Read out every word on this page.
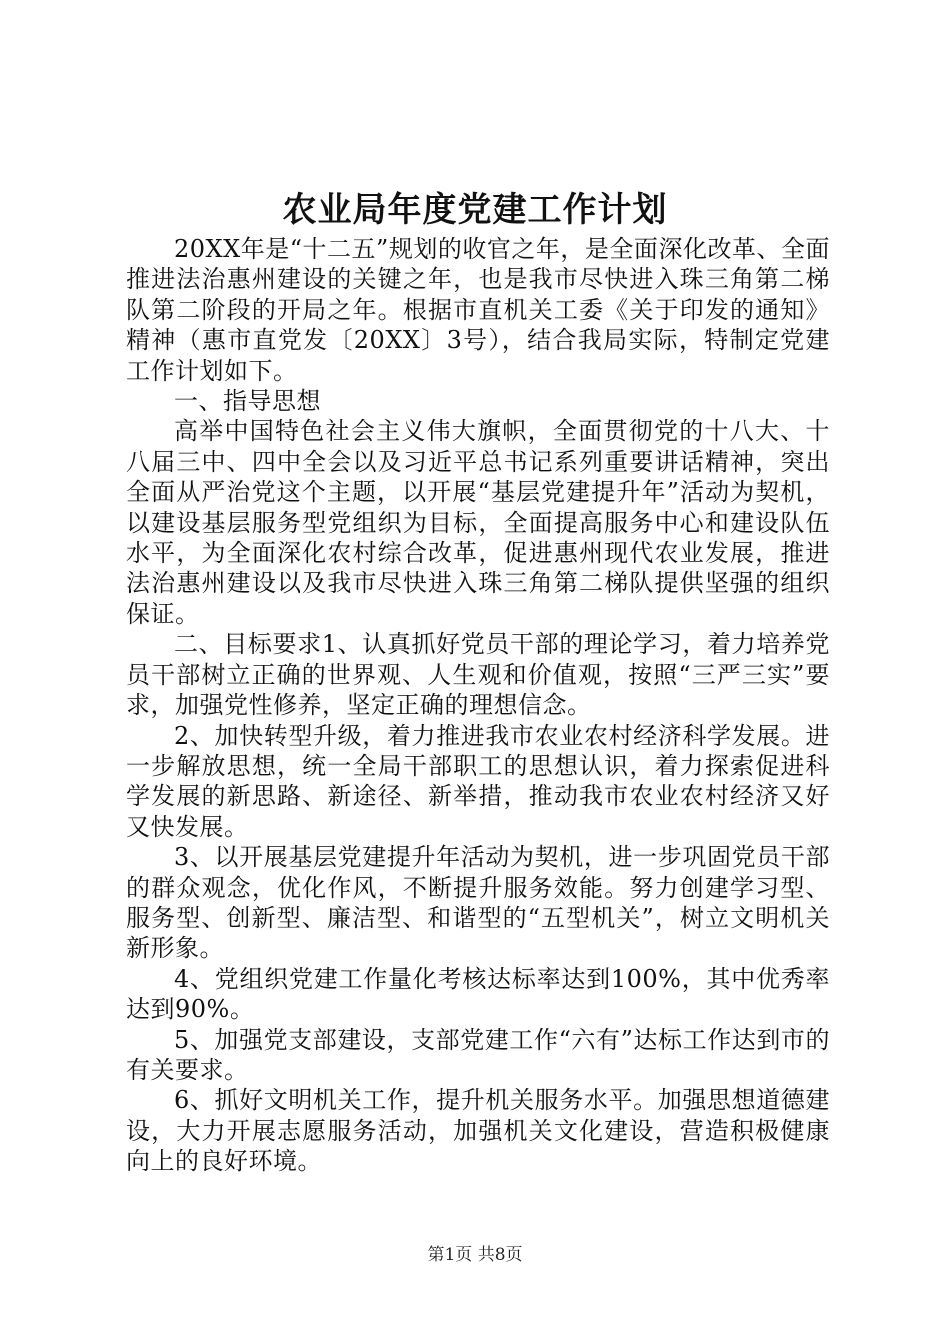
农业局年度党建工作计划

20XX年是“十二五”规划的收官之年，是全面深化改革、全面推进法治惠州建设的关键之年，也是我市尽快进入珠三角第二梯队第二阶段的开局之年。根据市直机关工委《关于印发的通知》精神（惠市直党发〔20XX〕3号），结合我局实际，特制定党建工作计划如下。

一、指导思想

高举中国特色社会主义伟大旗帜，全面贯彻党的十八大、十八届三中、四中全会以及习近平总书记系列重要讲话精神，突出全面从严治党这个主题，以开展“基层党建提升年”活动为契机，以建设基层服务型党组织为目标，全面提高服务中心和建设队伍水平，为全面深化农村综合改革，促进惠州现代农业发展，推进法治惠州建设以及我市尽快进入珠三角第二梯队提供坚强的组织保证。

二、目标要求1、认真抓好党员干部的理论学习，着力培养党员干部树立正确的世界观、人生观和价值观，按照“三严三实”要求，加强党性修养，坚定正确的理想信念。

2、加快转型升级，着力推进我市农业农村经济科学发展。进一步解放思想，统一全局干部职工的思想认识，着力探索促进科学发展的新思路、新途径、新举措，推动我市农业农村经济又好又快发展。

3、以开展基层党建提升年活动为契机，进一步巩固党员干部的群众观念，优化作风，不断提升服务效能。努力创建学习型、服务型、创新型、廉洁型、和谐型的“五型机关”，树立文明机关新形象。

4、党组织党建工作量化考核达标率达到100%，其中优秀率达到90%。

5、加强党支部建设，支部党建工作“六有”达标工作达到市的有关要求。

6、抓好文明机关工作，提升机关服务水平。加强思想道德建设，大力开展志愿服务活动，加强机关文化建设，营造积极健康向上的良好环境。

第1页 共8页
